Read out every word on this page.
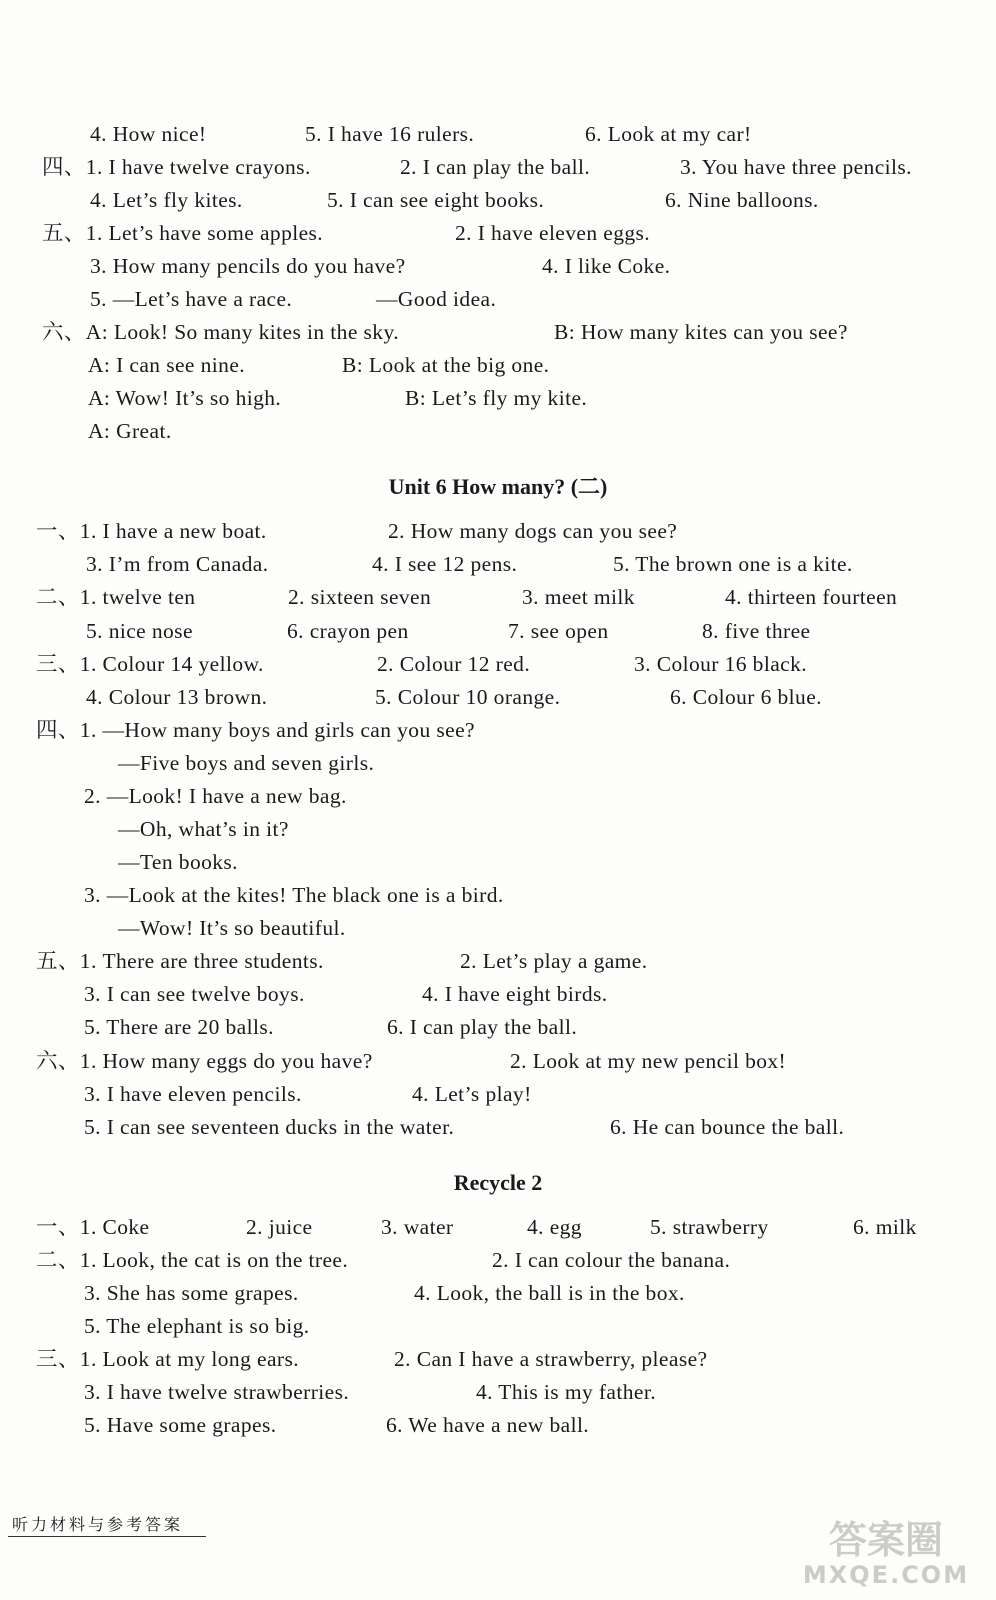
4. How nice!	5. I have 16 rulers.	6. Look at my car!
四、1. I have twelve crayons.	2. I can play the ball.	3. You have three pencils.
4. Let’s fly kites.	5. I can see eight books.	6. Nine balloons.
五、1. Let’s have some apples.	2. I have eleven eggs.
3. How many pencils do you have?	4. I like Coke.
5. —Let’s have a race.	—Good idea.
六、A: Look! So many kites in the sky.	B: How many kites can you see?
A: I can see nine.	B: Look at the big one.
A: Wow! It’s so high.	B: Let’s fly my kite.
A: Great.
一、1. I have a new boat.	2. How many dogs can you see?
3. I’m from Canada.	4. I see 12 pens.	5. The brown one is a kite.
二、1. twelve ten	2. sixteen seven	3. meet milk	4. thirteen fourteen
5. nice nose	6. crayon pen	7. see open	8. five three
三、1. Colour 14 yellow.	2. Colour 12 red.	3. Colour 16 black.
4. Colour 13 brown.	5. Colour 10 orange.	6. Colour 6 blue.
四、1. —How many boys and girls can you see?
—Five boys and seven girls.
2. —Look! I have a new bag.
—Oh, what’s in it?
—Ten books.
3. —Look at the kites! The black one is a bird.
—Wow! It’s so beautiful.
五、1. There are three students.	2. Let’s play a game.
3. I can see twelve boys.	4. I have eight birds.
5. There are 20 balls.	6. I can play the ball.
六、1. How many eggs do you have?	2. Look at my new pencil box!
3. I have eleven pencils.	4. Let’s play!
5. I can see seventeen ducks in the water.	6. He can bounce the ball.
一、1. Coke	2. juice	3. water	4. egg	5. strawberry	6. milk
二、1. Look, the cat is on the tree.	2. I can colour the banana.
3. She has some grapes.	4. Look, the ball is in the box.
5. The elephant is so big.
三、1. Look at my long ears.	2. Can I have a strawberry, please?
3. I have twelve strawberries.	4. This is my father.
5. Have some grapes.	6. We have a new ball.
Unit 6 How many? (二)
Recycle 2
听力材料与参考答案	答案圈
MXQE.COM
